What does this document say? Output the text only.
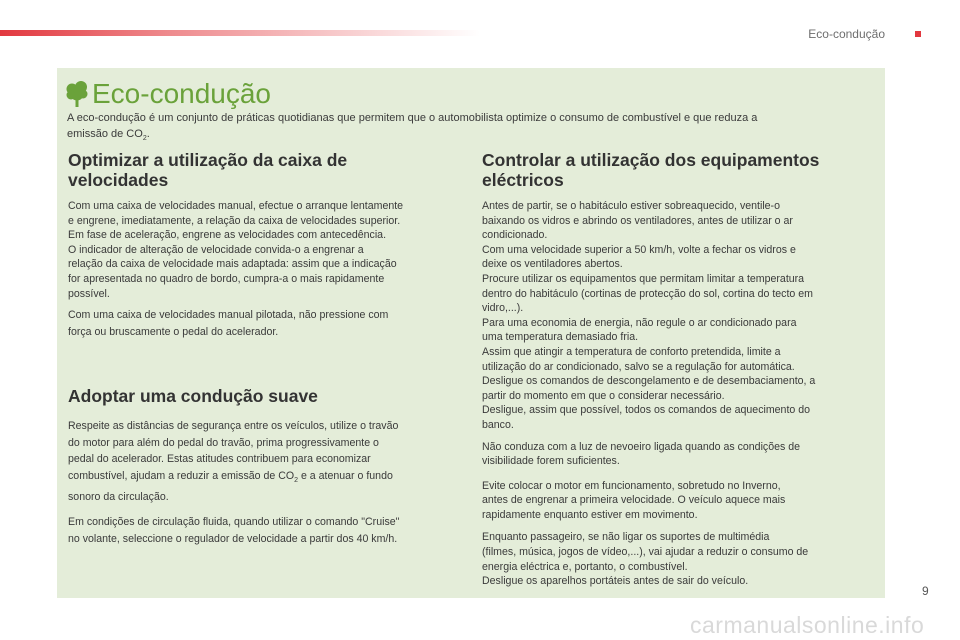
Eco-condução
Eco-condução
A eco-condução é um conjunto de práticas quotidianas que permitem que o automobilista optimize o consumo de combustível e que reduza a
emissão de $CO_2$.
Optimizar a utilização da caixa de
velocidades
Com uma caixa de velocidades manual, efectue o arranque lentamente
e engrene, imediatamente, a relação da caixa de velocidades superior.
Em fase de aceleração, engrene as velocidades com antecedência.
O indicador de alteração de velocidade convida-o a engrenar a
relação da caixa de velocidade mais adaptada: assim que a indicação
for apresentada no quadro de bordo, cumpra-a o mais rapidamente
possível.
Com uma caixa de velocidades manual pilotada, não pressione com
força ou bruscamente o pedal do acelerador.
Adoptar uma condução suave
Respeite as distâncias de segurança entre os veículos, utilize o travão
do motor para além do pedal do travão, prima progressivamente o
pedal do acelerador. Estas atitudes contribuem para economizar
combustível, ajudam a reduzir a emissão de $CO_2$ e a atenuar o fundo
sonoro da circulação.
Em condições de circulação fluida, quando utilizar o comando "Cruise"
no volante, seleccione o regulador de velocidade a partir dos 40 km/h.
Controlar a utilização dos equipamentos
eléctricos
Antes de partir, se o habitáculo estiver sobreaquecido, ventile-o
baixando os vidros e abrindo os ventiladores, antes de utilizar o ar
condicionado.
Com uma velocidade superior a 50 km/h, volte a fechar os vidros e
deixe os ventiladores abertos.
Procure utilizar os equipamentos que permitam limitar a temperatura
dentro do habitáculo (cortinas de protecção do sol, cortina do tecto em
vidro,...).
Para uma economia de energia, não regule o ar condicionado para
uma temperatura demasiado fria.
Assim que atingir a temperatura de conforto pretendida, limite a
utilização do ar condicionado, salvo se a regulação for automática.
Desligue os comandos de descongelamento e de desembaciamento, a
partir do momento em que o considerar necessário.
Desligue, assim que possível, todos os comandos de aquecimento do
banco.
Não conduza com a luz de nevoeiro ligada quando as condições de
visibilidade forem suficientes.
Evite colocar o motor em funcionamento, sobretudo no Inverno,
antes de engrenar a primeira velocidade. O veículo aquece mais
rapidamente enquanto estiver em movimento.
Enquanto passageiro, se não ligar os suportes de multimédia
(filmes, música, jogos de vídeo,...), vai ajudar a reduzir o consumo de
energia eléctrica e, portanto, o combustível.
Desligue os aparelhos portáteis antes de sair do veículo.
9
carmanualsonline.info
